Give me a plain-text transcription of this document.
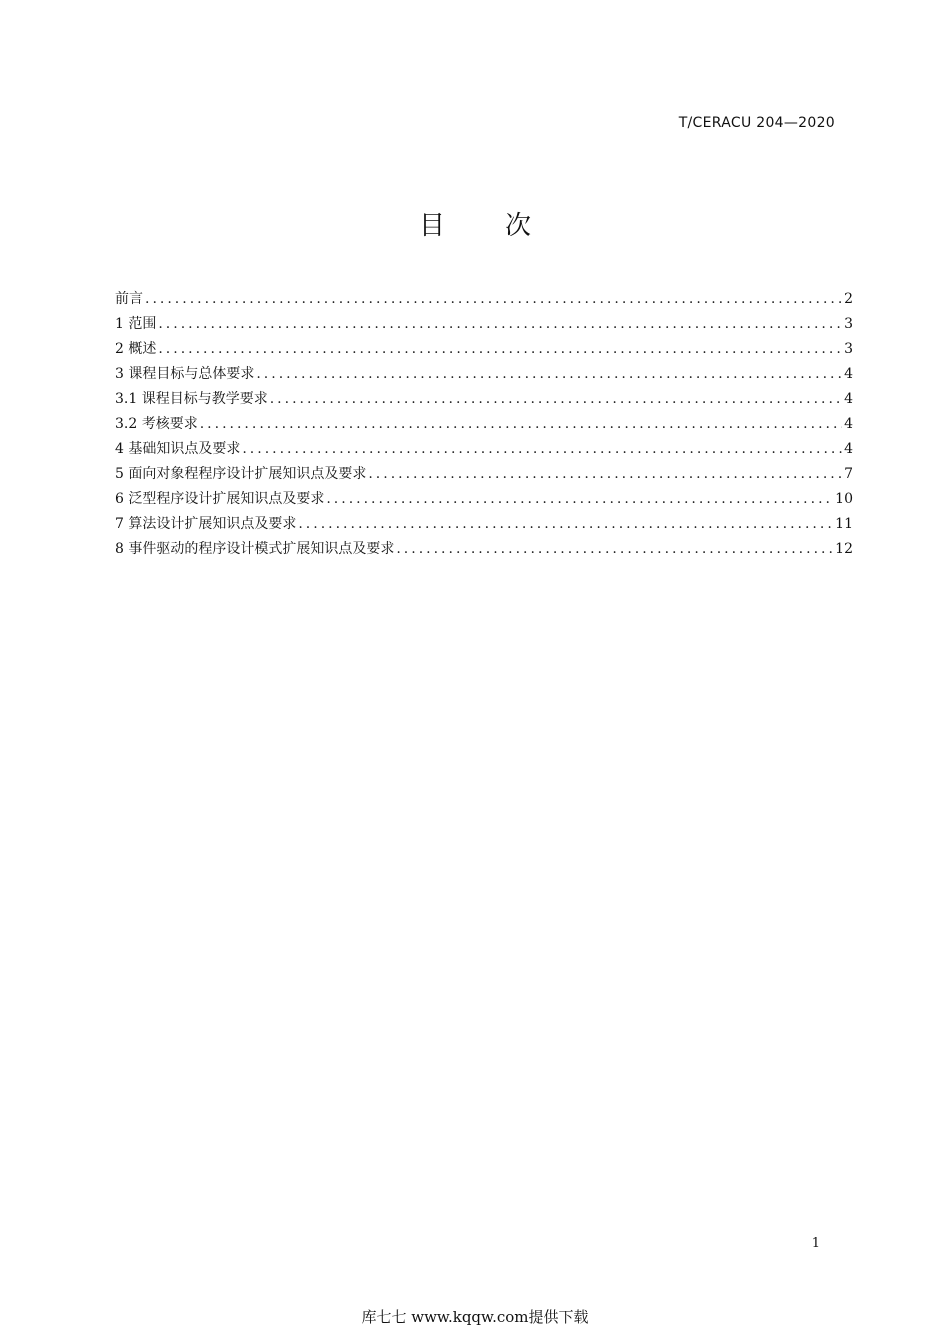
T/CERACU 204—2020
目 次
前言 .....	2
1 范围 .....	3
2 概述 .....	3
3 课程目标与总体要求 .....	4
3.1 课程目标与教学要求 .....	4
3.2 考核要求 .....	4
4 基础知识点及要求 .....	4
5 面向对象程程序设计扩展知识点及要求 .....	7
6 泛型程序设计扩展知识点及要求 .....	10
7 算法设计扩展知识点及要求 .....	11
8 事件驱动的程序设计模式扩展知识点及要求 .....	12
1
库七七 www.kqqw.com提供下载
